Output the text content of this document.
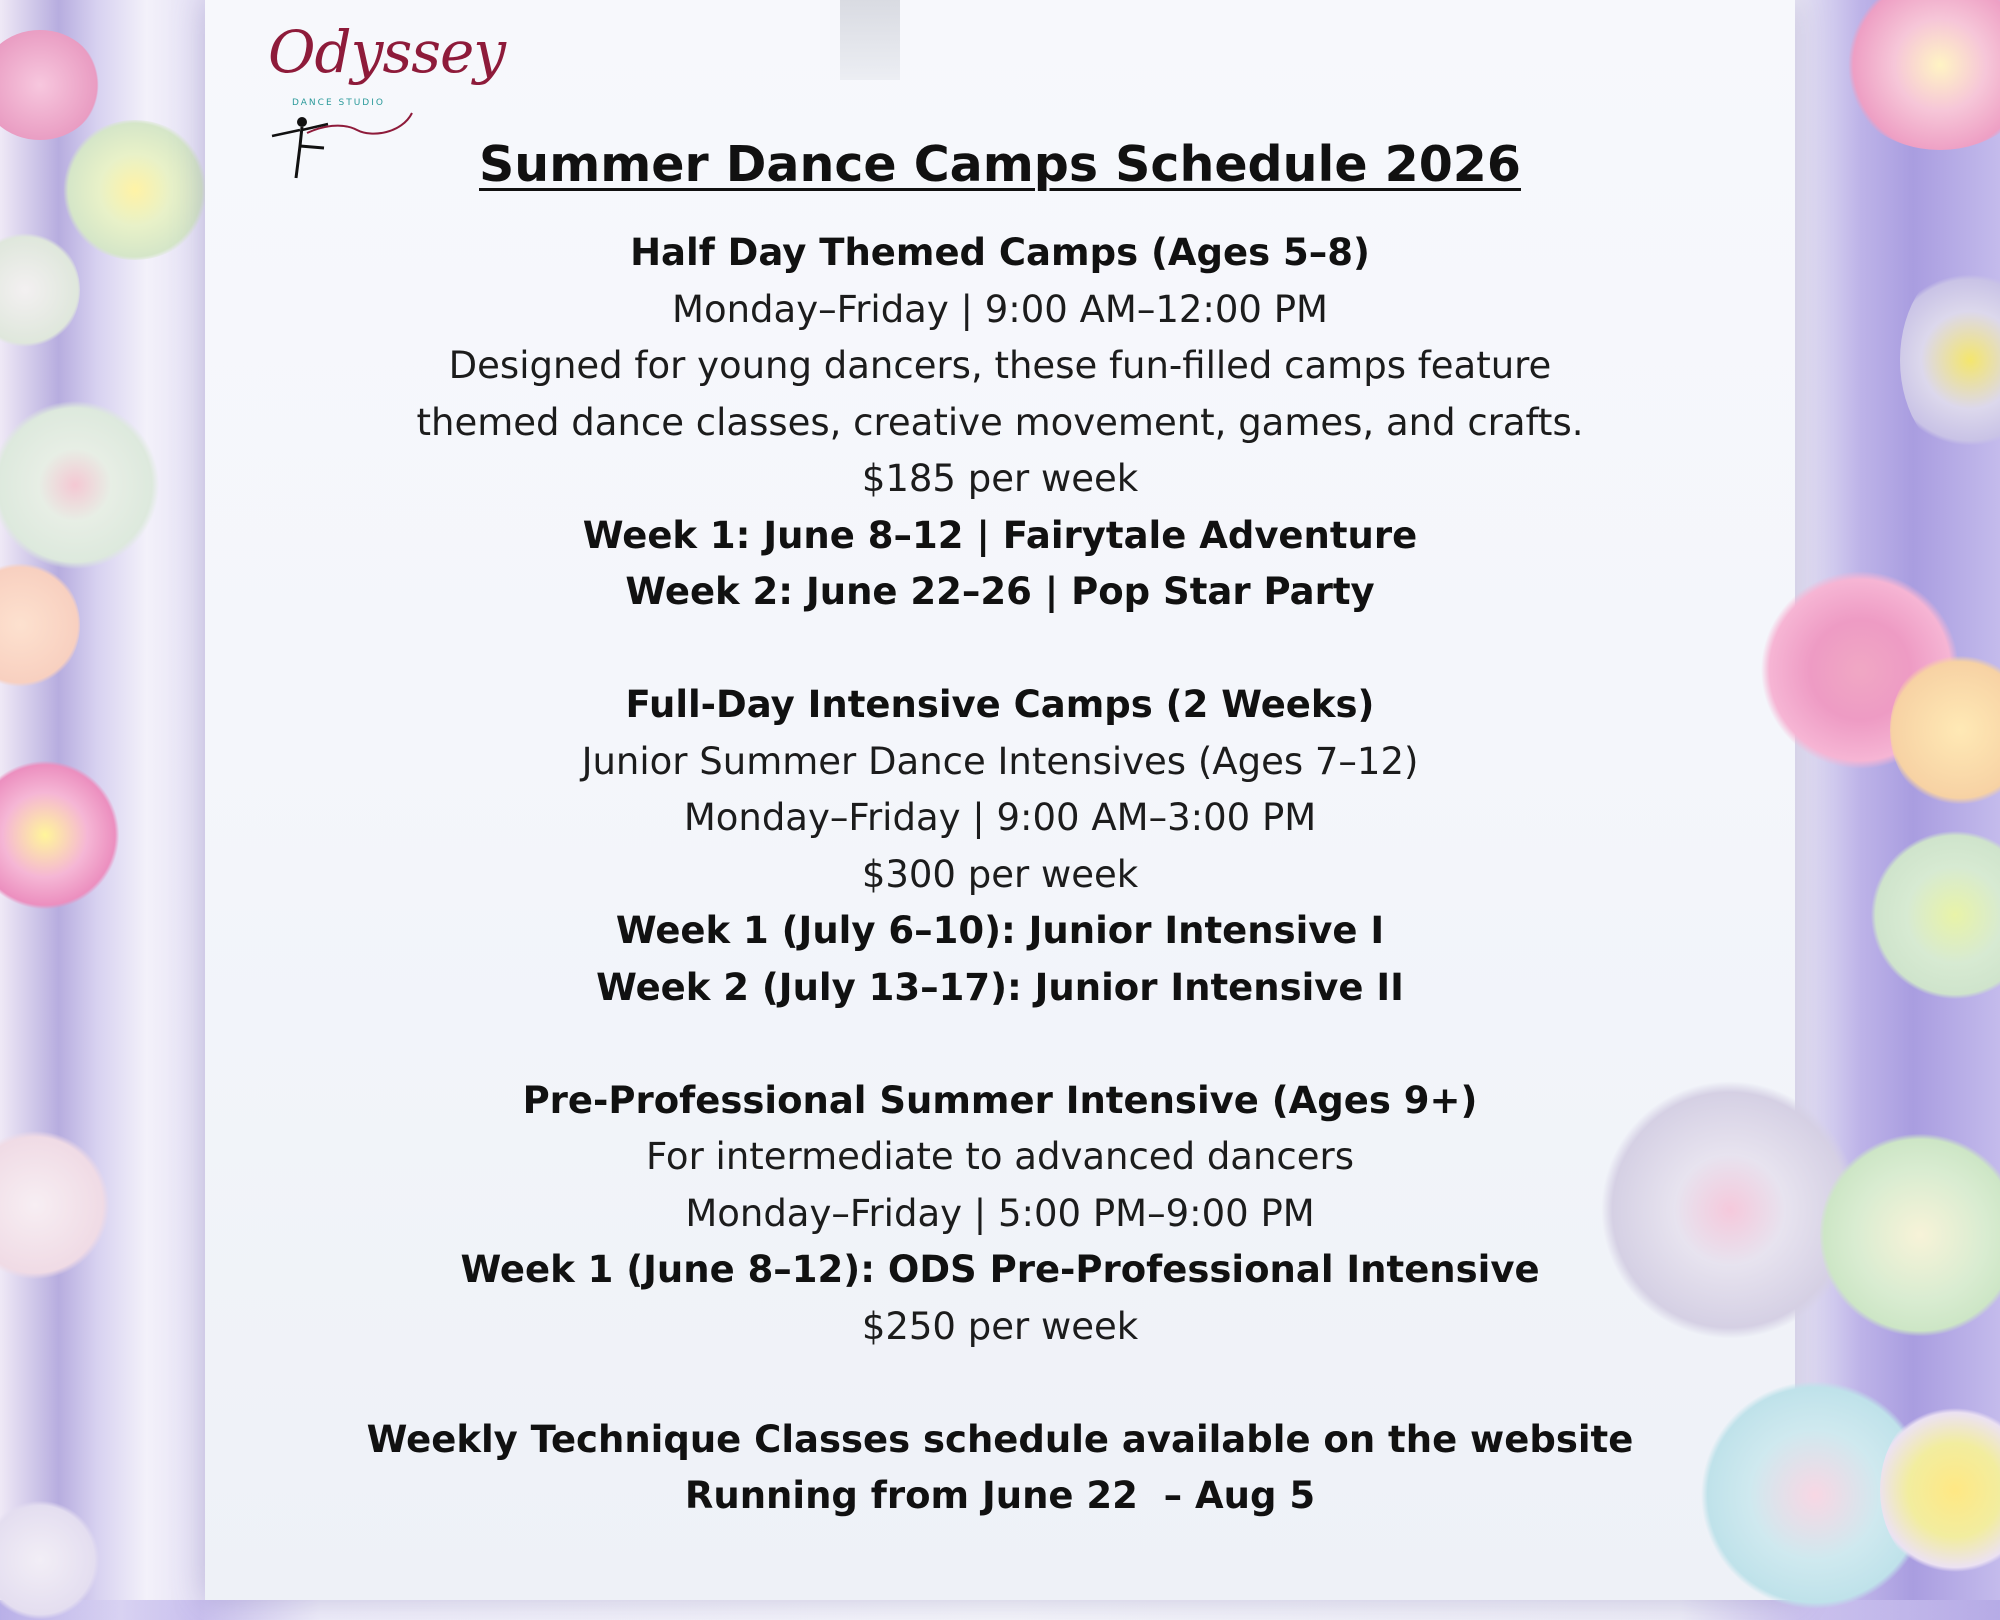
Odyssey
DANCE STUDIO
Summer Dance Camps Schedule 2026
Half Day Themed Camps (Ages 5–8)
Monday–Friday | 9:00 AM–12:00 PM
Designed for young dancers, these fun-filled camps feature
themed dance classes, creative movement, games, and crafts.
$185 per week
Week 1: June 8–12 | Fairytale Adventure
Week 2: June 22–26 | Pop Star Party
Full-Day Intensive Camps (2 Weeks)
Junior Summer Dance Intensives (Ages 7–12)
Monday–Friday | 9:00 AM–3:00 PM
$300 per week
Week 1 (July 6–10): Junior Intensive I
Week 2 (July 13–17): Junior Intensive II
Pre-Professional Summer Intensive (Ages 9+)
For intermediate to advanced dancers
Monday–Friday | 5:00 PM–9:00 PM
Week 1 (June 8–12): ODS Pre-Professional Intensive
$250 per week
Weekly Technique Classes schedule available on the website
Running from June 22  – Aug 5
